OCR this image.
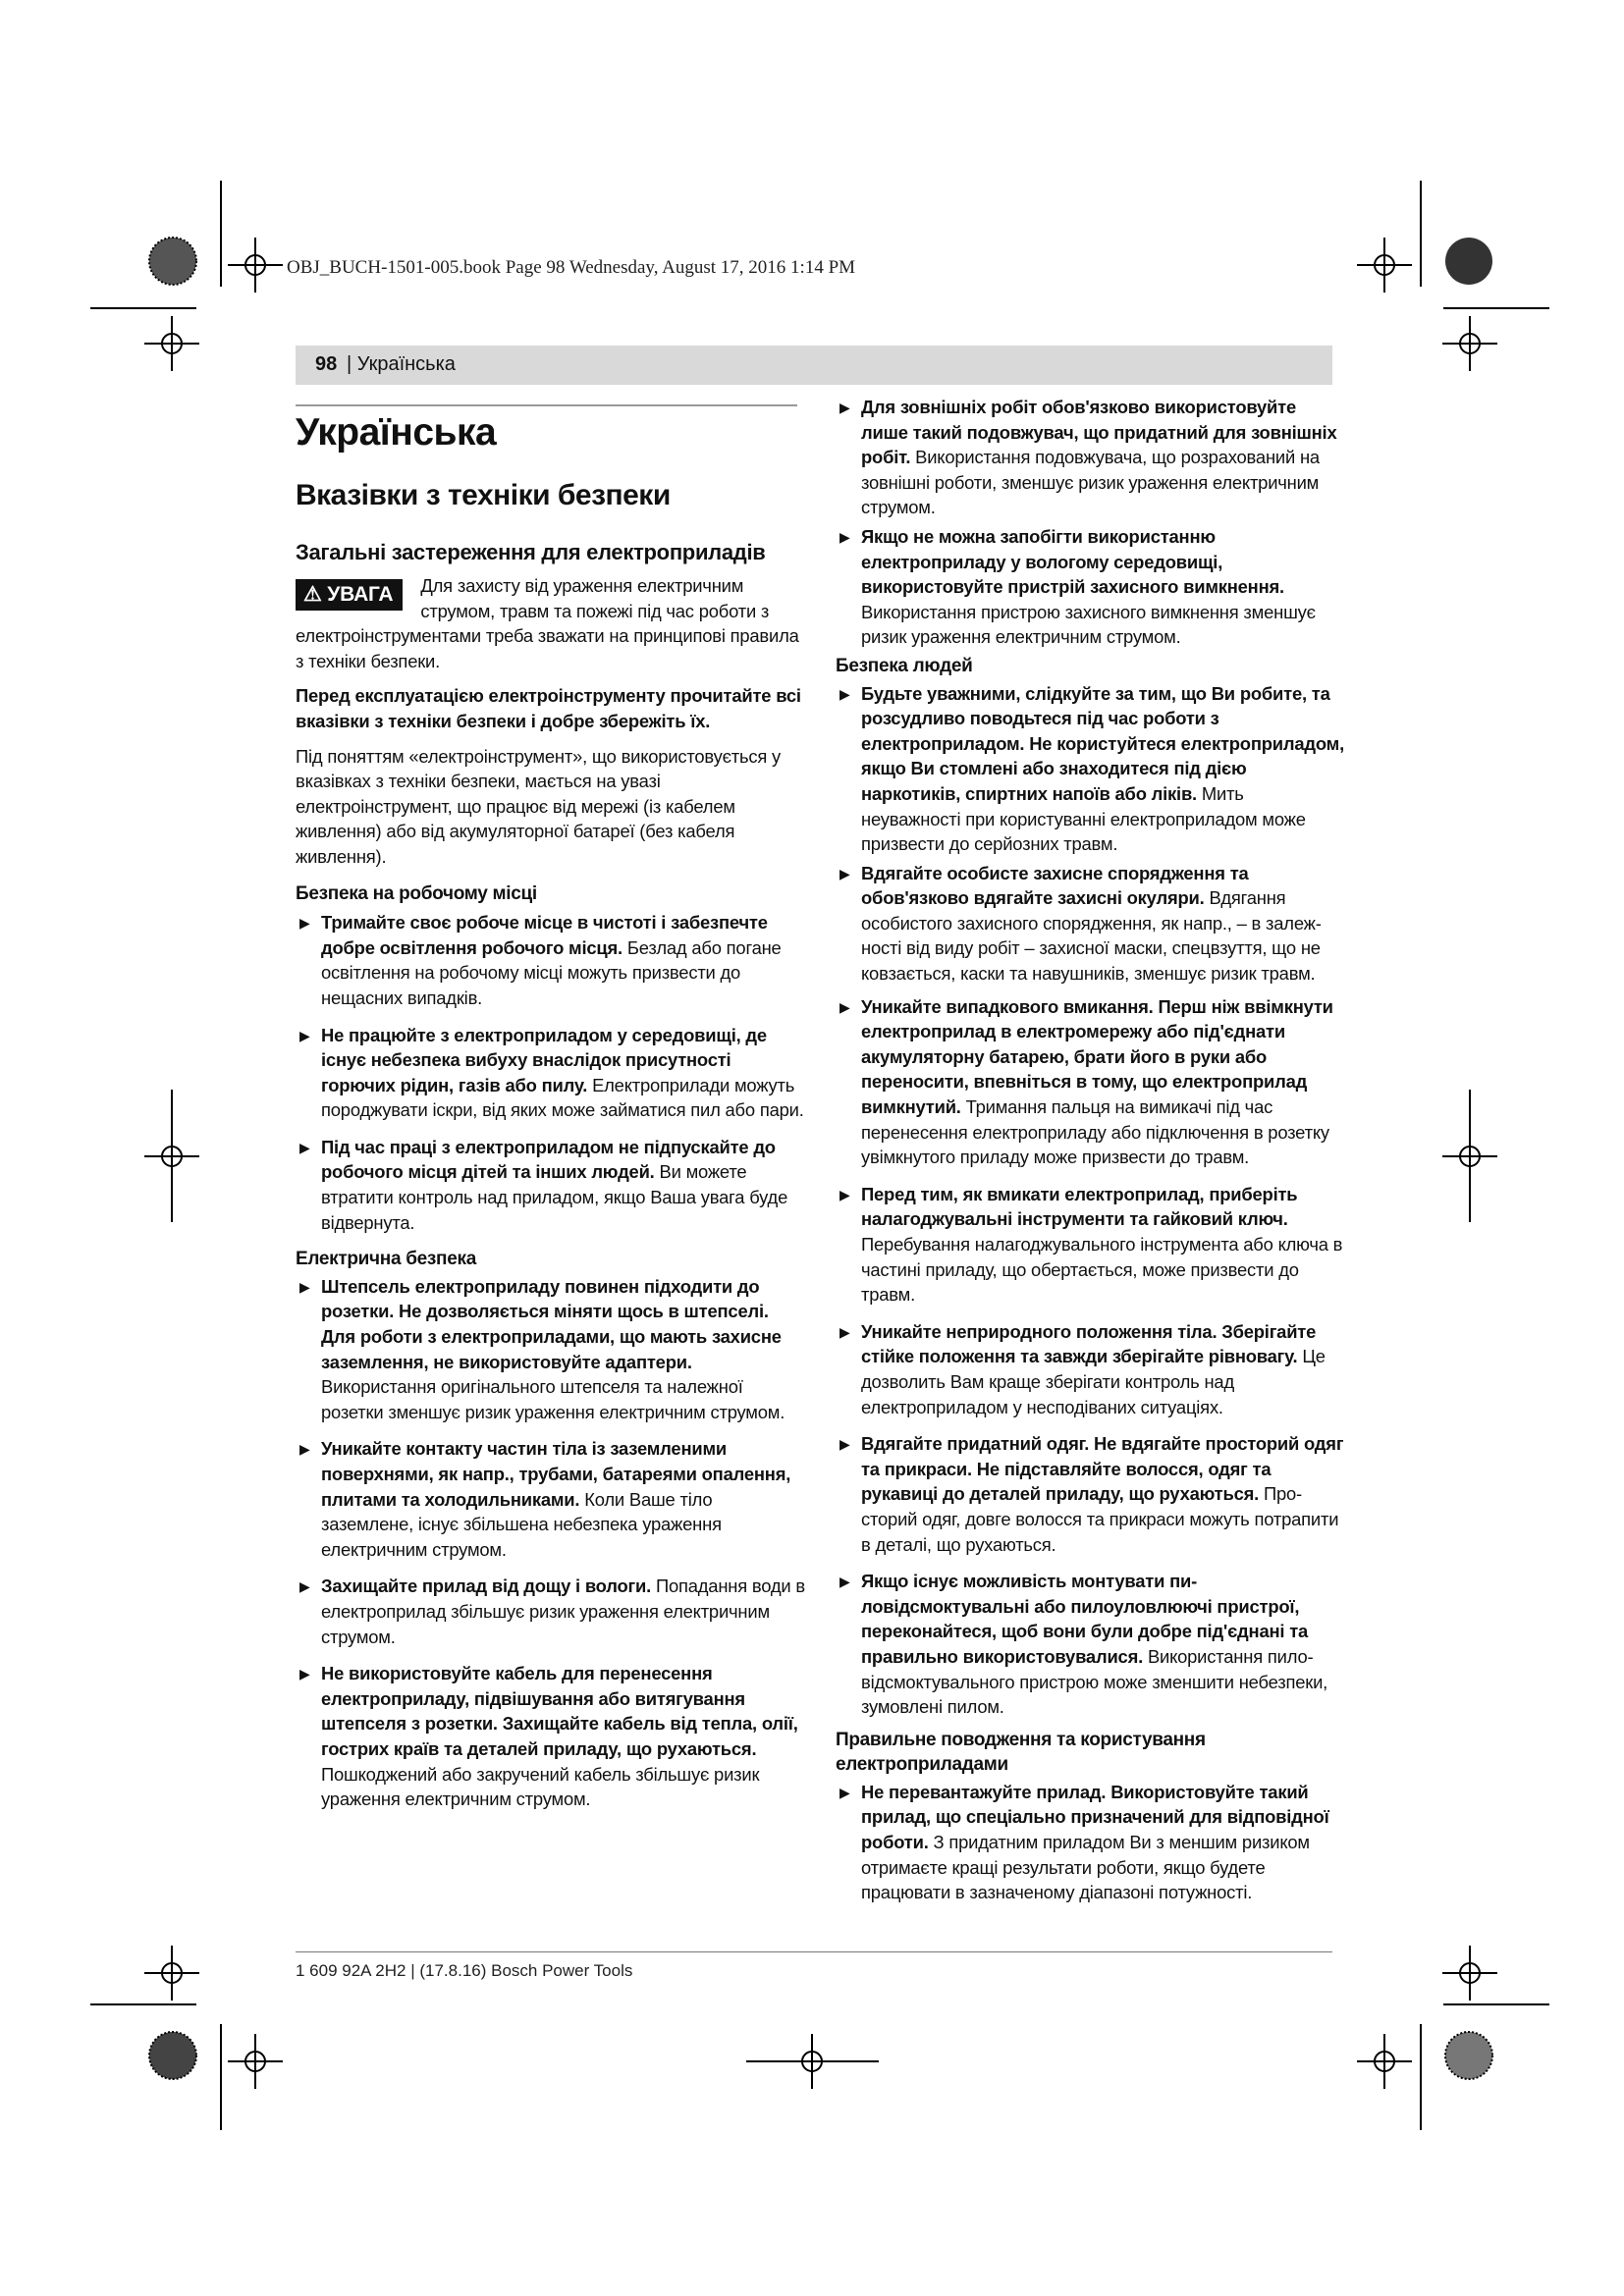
OBJ_BUCH-1501-005.book Page 98 Wednesday, August 17, 2016 1:14 PM
98 | Українська

Українська

Вказівки з техніки безпеки

Загальні застереження для електроприладів

⚠ УВАГА	Для захисту від ураження електричним струмом, травм та пожежі під час роботи з електроінструментами треба зважати на принципові правила з техніки безпеки.

Перед експлуатацією електроінструменту прочитайте всі вказівки з техніки безпеки і добре збережіть їх.

Під поняттям «електроінструмент», що використовується у вказівках з техніки безпеки, мається на увазі електроінструмент, що працює від мережі (із кабелем живлення) або від акумуляторної батареї (без кабеля живлення).

Безпека на робочому місці

▶ Тримайте своє робоче місце в чистоті і забезпечте добре освітлення робочого місця. Безлад або погане освітлення на робочому місці можуть призвести до нещасних випадків.
▶ Не працюйте з електроприладом у середовищі, де існує небезпека вибуху внаслідок присутності горючих рідин, газів або пилу. Електроприлади можуть породжувати іскри, від яких може займатися пил або пари.
▶ Під час праці з електроприладом не підпускайте до робочого місця дітей та інших людей. Ви можете втратити контроль над приладом, якщо Ваша увага буде відвернута.

Електрична безпека

▶ Штепсель електроприладу повинен підходити до розетки. Не дозволяється міняти щось в штепселі. Для роботи з електроприладами, що мають захисне заземлення, не використовуйте адаптери. Використання оригінального штепселя та належної розетки зменшує ризик ураження електричним струмом.
▶ Уникайте контакту частин тіла із заземленими поверхнями, як напр., трубами, батареями опалення, плитами та холодильниками. Коли Ваше тіло заземлене, існує збільшена небезпека ураження електричним струмом.
▶ Захищайте прилад від дощу і вологи. Попадання води в електроприлад збільшує ризик ураження електричним струмом.
▶ Не використовуйте кабель для перенесення електроприладу, підвішування або витягування штепселя з розетки. Захищайте кабель від тепла, олії, гострих країв та деталей приладу, що рухаються. Пошкоджений або закручений кабель збільшує ризик ураження електричним струмом.
▶ Для зовнішніх робіт обов'язково використовуйте лише такий подовжувач, що придатний для зовнішніх робіт. Використання подовжувача, що розрахований на зовнішні роботи, зменшує ризик ураження електричним струмом.
▶ Якщо не можна запобігти використанню електроприладу у вологому середовищі, використовуйте пристрій захисного вимкнення. Використання пристрою захисного вимкнення зменшує ризик ураження електричним струмом.

Безпека людей

▶ Будьте уважними, слідкуйте за тим, що Ви робите, та розсудливо поводьтеся під час роботи з електроприладом. Не користуйтеся електроприладом, якщо Ви стомлені або знаходитеся під дією наркотиків, спиртних напоїв або ліків. Мить неуважності при користуванні електроприладом може призвести до серйозних травм.
▶ Вдягайте особисте захисне спорядження та обов'язково вдягайте захисні окуляри. Вдягання особистого захисного спорядження, як напр., – в залеж-ності від виду робіт – захисної маски, спецвзуття, що не ковзається, каски та навушників, зменшує ризик травм.
▶ Уникайте випадкового вмикання. Перш ніж ввімкнути електроприлад в електромережу або під'єднати акумуляторну батарею, брати його в руки або переносити, впевніться в тому, що електроприлад вимкнутий. Тримання пальця на вимикачі під час перенесення електроприладу або підключення в розетку увімкнутого приладу може призвести до травм.
▶ Перед тим, як вмикати електроприлад, приберіть налагоджувальні інструменти та гайковий ключ. Перебування налагоджувального інструмента або ключа в частині приладу, що обертається, може призвести до травм.
▶ Уникайте неприродного положення тіла. Зберігайте стійке положення та завжди зберігайте рівновагу. Це дозволить Вам краще зберігати контроль над електроприладом у несподіваних ситуаціях.
▶ Вдягайте придатний одяг. Не вдягайте просторий одяг та прикраси. Не підставляйте волосся, одяг та рукавиці до деталей приладу, що рухаються. Про-сторий одяг, довге волосся та прикраси можуть потрапити в деталі, що рухаються.
▶ Якщо існує можливість монтувати пи-ловідсмоктувальні або пилоуловлюючі пристрої, переконайтеся, щоб вони були добре під'єднані та правильно використовувалися. Використання пило-відсмоктувального пристрою може зменшити небезпеки, зумовлені пилом.

Правильне поводження та користування електроприладами

▶ Не перевантажуйте прилад. Використовуйте такий прилад, що спеціально призначений для відповідної роботи. З придатним приладом Ви з меншим ризиком отримаєте кращі результати роботи, якщо будете працювати в зазначеному діапазоні потужності.
1 609 92A 2H2 | (17.8.16) Bosch Power Tools
